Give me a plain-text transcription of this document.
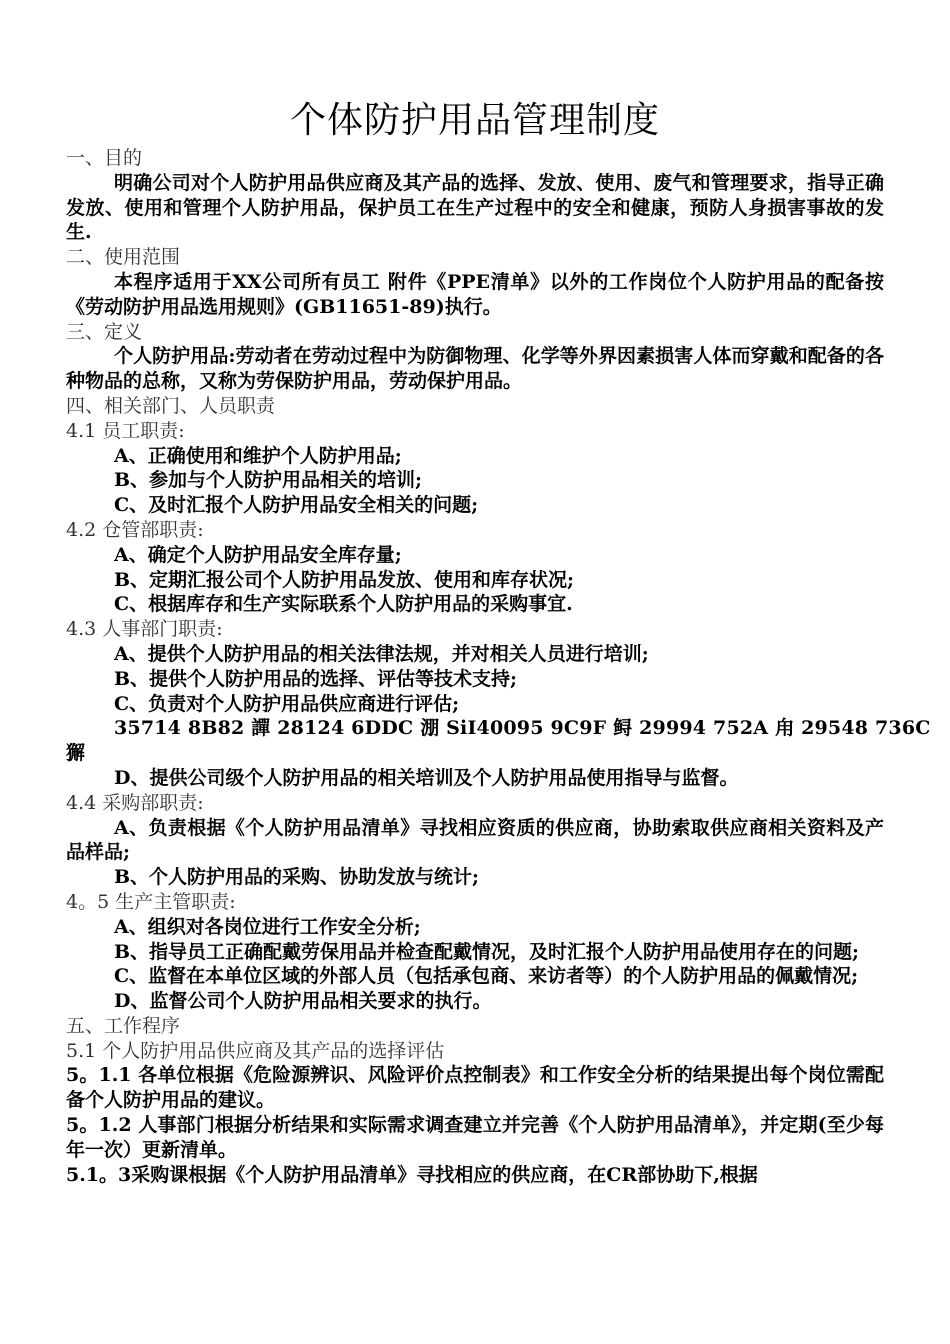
个体防护用品管理制度

一、目的

明确公司对个人防护用品供应商及其产品的选择、发放、使用、废气和管理要求，指导正确发放、使用和管理个人防护用品，保护员工在生产过程中的安全和健康，预防人身损害事故的发生.

二、使用范围

本程序适用于XX公司所有员工 附件《PPE清单》以外的工作岗位个人防护用品的配备按《劳动防护用品选用规则》(GB11651-89)执行。

三、定义

个人防护用品:劳动者在劳动过程中为防御物理、化学等外界因素损害人体而穿戴和配备的各种物品的总称，又称为劳保防护用品，劳动保护用品。

四、相关部门、人员职责

4.1 员工职责:

A、正确使用和维护个人防护用品;

B、参加与个人防护用品相关的培训;

C、及时汇报个人防护用品安全相关的问题;

4.2 仓管部职责:

A、确定个人防护用品安全库存量;

B、定期汇报公司个人防护用品发放、使用和库存状况;

C、根据库存和生产实际联系个人防护用品的采购事宜.

4.3 人事部门职责:

A、提供个人防护用品的相关法律法规，并对相关人员进行培训;

B、提供个人防护用品的选择、评估等技术支持;

C、负责对个人防护用品供应商进行评估;

35714 8B82 譂 28124 6DDC 淜 SiI40095 9C9F 鲟 29994 752A 甪 29548 736C

獬

D、提供公司级个人防护用品的相关培训及个人防护用品使用指导与监督。

4.4 采购部职责:

A、负责根据《个人防护用品清单》寻找相应资质的供应商，协助索取供应商相关资料及产品样品;

B、个人防护用品的采购、协助发放与统计;

4。5 生产主管职责:

A、组织对各岗位进行工作安全分析;

B、指导员工正确配戴劳保用品并检查配戴情况，及时汇报个人防护用品使用存在的问题;

C、监督在本单位区域的外部人员（包括承包商、来访者等）的个人防护用品的佩戴情况;

D、监督公司个人防护用品相关要求的执行。

五、工作程序

5.1 个人防护用品供应商及其产品的选择评估

5。1.1 各单位根据《危险源辨识、风险评价点控制表》和工作安全分析的结果提出每个岗位需配备个人防护用品的建议。

5。1.2 人事部门根据分析结果和实际需求调查建立并完善《个人防护用品清单》，并定期(至少每年一次）更新清单。

5.1。3采购课根据《个人防护用品清单》寻找相应的供应商，在CR部协助下,根据
